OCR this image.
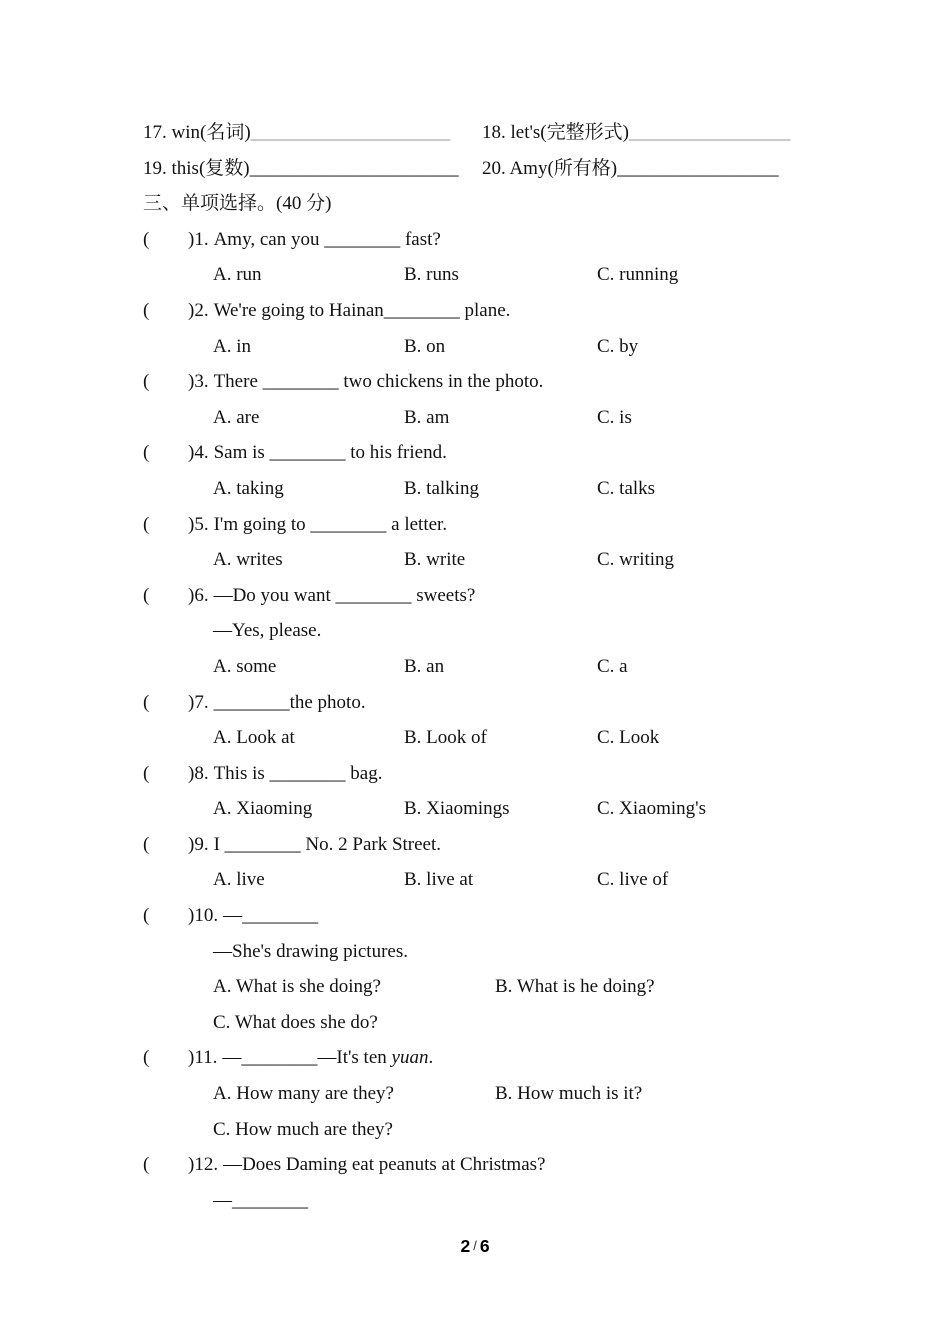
17. win(名词)_____________________	18. let's(完整形式)_________________
19. this(复数)______________________	20. Amy(所有格)_________________
三、单项选择。(40 分)
( )1. Amy, can you ________ fast?
A. run	B. runs	C. running
( )2. We're going to Hainan________ plane.
A. in	B. on	C. by
( )3. There ________ two chickens in the photo.
A. are	B. am	C. is
( )4. Sam is ________ to his friend.
A. taking	B. talking	C. talks
( )5. I'm going to ________ a letter.
A. writes	B. write	C. writing
( )6. —Do you want ________ sweets?
—Yes, please.
A. some	B. an	C. a
( )7. ________the photo.
A. Look at	B. Look of	C. Look
( )8. This is ________ bag.
A. Xiaoming	B. Xiaomings	C. Xiaoming's
( )9. I ________ No. 2 Park Street.
A. live	B. live at	C. live of
( )10. —________
—She's drawing pictures.
A. What is she doing?	B. What is he doing?
C. What does she do?
( )11. —________—It's ten yuan.
A. How many are they?	B. How much is it?
C. How much are they?
( )12. —Does Daming eat peanuts at Christmas?
—________
2 / 6
